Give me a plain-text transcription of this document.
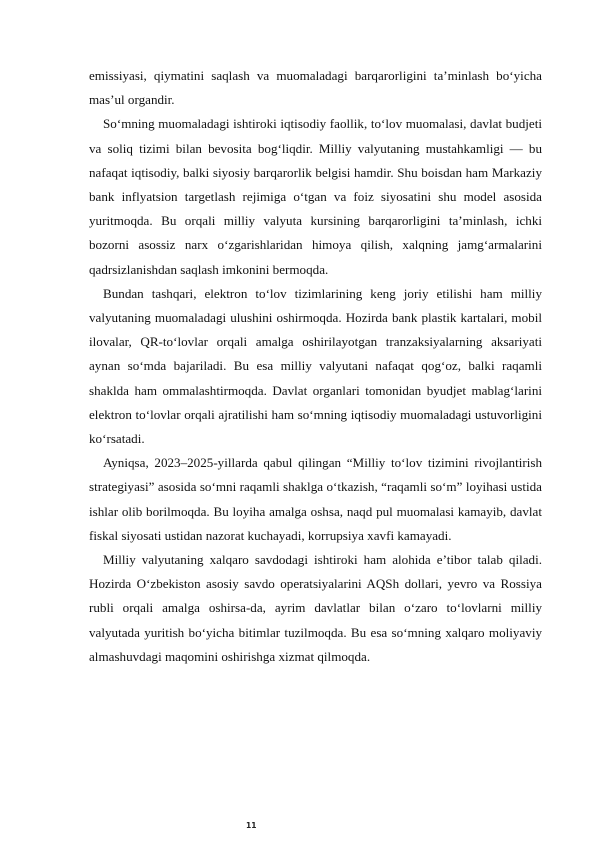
emissiyasi, qiymatini saqlash va muomaladagi barqarorligini ta’minlash bo‘yicha mas’ul organdir.

So‘mning muomaladagi ishtiroki iqtisodiy faollik, to‘lov muomalasi, davlat budjeti va soliq tizimi bilan bevosita bog‘liqdir. Milliy valyutaning mustahkamligi — bu nafaqat iqtisodiy, balki siyosiy barqarorlik belgisi hamdir. Shu boisdan ham Markaziy bank inflyatsion targetlash rejimiga o‘tgan va foiz siyosatini shu model asosida yuritmoqda. Bu orqali milliy valyuta kursining barqarorligini ta’minlash, ichki bozorni asossiz narx o‘zgarishlaridan himoya qilish, xalqning jamg‘armalarini qadrsizlanishdan saqlash imkonini bermoqda.

Bundan tashqari, elektron to‘lov tizimlarining keng joriy etilishi ham milliy valyutaning muomaladagi ulushini oshirmoqda. Hozirda bank plastik kartalari, mobil ilovalar, QR-to‘lovlar orqali amalga oshirilayotgan tranzaksiyalarning aksariyati aynan so‘mda bajariladi. Bu esa milliy valyutani nafaqat qog‘oz, balki raqamli shaklda ham ommalashtirmoqda. Davlat organlari tomonidan byudjet mablag‘larini elektron to‘lovlar orqali ajratilishi ham so‘mning iqtisodiy muomaladagi ustuvorligini ko‘rsatadi.

Ayniqsa, 2023–2025-yillarda qabul qilingan “Milliy to‘lov tizimini rivojlantirish strategiyasi” asosida so‘mni raqamli shaklga o‘tkazish, “raqamli so‘m” loyihasi ustida ishlar olib borilmoqda. Bu loyiha amalga oshsa, naqd pul muomalasi kamayib, davlat fiskal siyosati ustidan nazorat kuchayadi, korrupsiya xavfi kamayadi.

Milliy valyutaning xalqaro savdodagi ishtiroki ham alohida e’tibor talab qiladi. Hozirda O‘zbekiston asosiy savdo operatsiyalarini AQSh dollari, yevro va Rossiya rubli orqali amalga oshirsa-da, ayrim davlatlar bilan o‘zaro to‘lovlarni milliy valyutada yuritish bo‘yicha bitimlar tuzilmoqda. Bu esa so‘mning xalqaro moliyaviy almashuvdagi maqomini oshirishga xizmat qilmoqda.

11
